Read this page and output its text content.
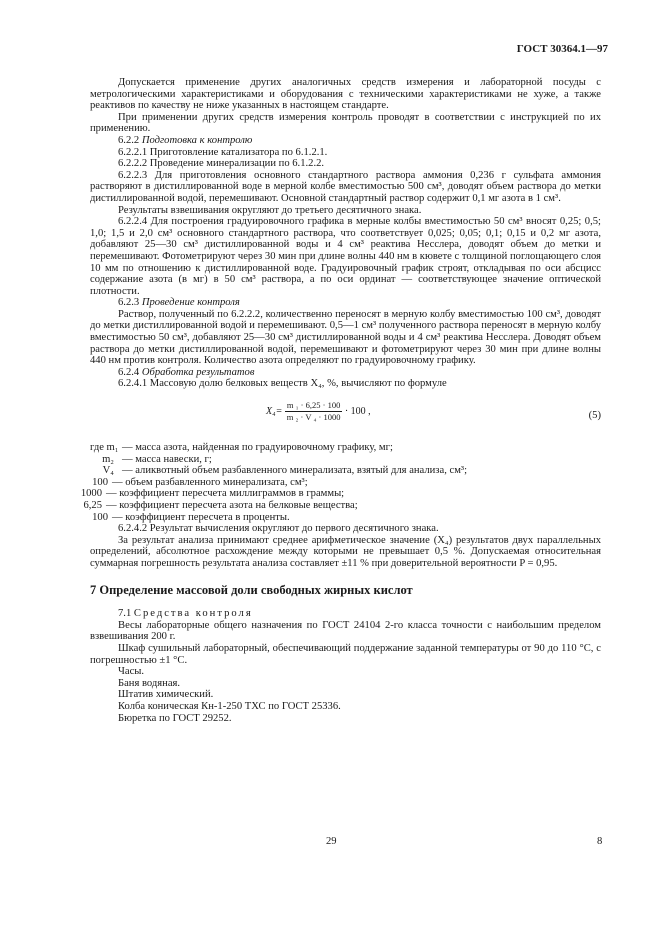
ГОСТ 30364.1—97

Допускается применение других аналогичных средств измерения и лабораторной посуды с метрологическими характеристиками и оборудования с техническими характеристиками не хуже, а также реактивов по качеству не ниже указанных в настоящем стандарте.

При применении других средств измерения контроль проводят в соответствии с инструкцией по их применению.

6.2.2 Подготовка к контролю

6.2.2.1 Приготовление катализатора по 6.1.2.1.

6.2.2.2 Проведение минерализации по 6.1.2.2.

6.2.2.3 Для приготовления основного стандартного раствора аммония 0,236 г сульфата аммония растворяют в дистиллированной воде в мерной колбе вместимостью 500 см³, доводят объем раствора до метки дистиллированной водой, перемешивают. Основной стандартный раствор содержит 0,1 мг азота в 1 см³.

Результаты взвешивания округляют до третьего десятичного знака.

6.2.2.4 Для построения градуировочного графика в мерные колбы вместимостью 50 см³ вносят 0,25; 0,5; 1,0; 1,5 и 2,0 см³ основного стандартного раствора, что соответствует 0,025; 0,05; 0,1; 0,15 и 0,2 мг азота, добавляют 25—30 см³ дистиллированной воды и 4 см³ реактива Несслера, доводят объем до метки и перемешивают. Фотометрируют через 30 мин при длине волны 440 нм в кювете с толщиной поглощающего слоя 10 мм по отношению к дистиллированной воде. Градуировочный график строят, откладывая по оси абсцисс содержание азота (в мг) в 50 см³ раствора, а по оси ординат — соответствующее значение оптической плотности.

6.2.3 Проведение контроля

Раствор, полученный по 6.2.2.2, количественно переносят в мерную колбу вместимостью 100 см³, доводят до метки дистиллированной водой и перемешивают. 0,5—1 см³ полученного раствора переносят в мерную колбу вместимостью 50 см³, добавляют 25—30 см³ дистиллированной воды и 4 см³ реактива Несслера. Доводят объем раствора до метки дистиллированной водой, перемешивают и фотометрируют через 30 мин при длине волны 440 нм против контроля. Количество азота определяют по градуировочному графику.

6.2.4 Обработка результатов

6.2.4.1 Массовую долю белковых веществ X₄, %, вычисляют по формуле

$X_4= \frac{\text{m ₁ · 6,25 · 100}}{\text{m ₂ · V ₄ · 1000}} \cdot 100$ ,	(5)
где m₁ — масса азота, найденная по градуировочному графику, мг;
m₂ — масса навески, г;
V₄ — аликвотный объем разбавленного минерализата, взятый для анализа, см³;
100 — объем разбавленного минерализата, см³;
1000 — коэффициент пересчета миллиграммов в граммы;
6,25 — коэффициент пересчета азота на белковые вещества;
100 — коэффициент пересчета в проценты.

6.2.4.2 Результат вычисления округляют до первого десятичного знака.

За результат анализа принимают среднее арифметическое значение (X₄) результатов двух параллельных определений, абсолютное расхождение между которыми не превышает 0,5 %. Допускаемая относительная суммарная погрешность результата анализа составляет ±11 % при доверительной вероятности P = 0,95.

7 Определение массовой доли свободных жирных кислот

7.1 Средства контроля

Весы лабораторные общего назначения по ГОСТ 24104 2-го класса точности с наибольшим пределом взвешивания 200 г.

Шкаф сушильный лабораторный, обеспечивающий поддержание заданной температуры от 90 до 110 °С, с погрешностью ±1 °С.

Часы.

Баня водяная.

Штатив химический.

Колба коническая Кн-1-250 ТХС по ГОСТ 25336.

Бюретка по ГОСТ 29252.

29	8
